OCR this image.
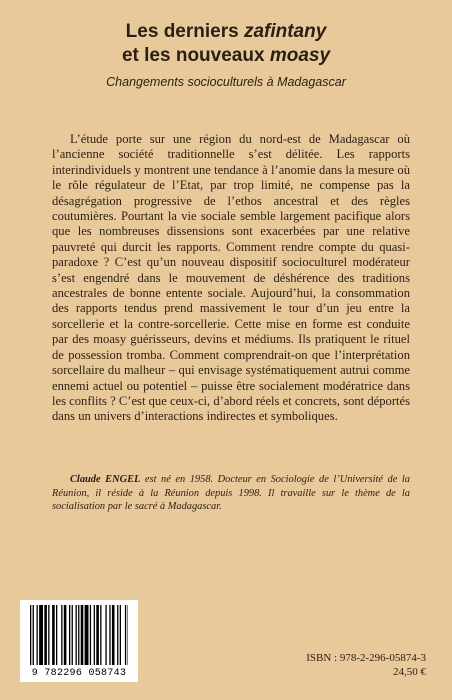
Les derniers zafintany
et les nouveaux moasy
Changements socioculturels à Madagascar

L’étude porte sur une région du nord-est de Madagascar où l’ancienne société traditionnelle s’est délitée. Les rapports interindividuels y montrent une tendance à l’anomie dans la mesure où le rôle régulateur de l’Etat, par trop limité, ne compense pas la désagrégation progressive de l’ethos ancestral et des règles coutumières. Pourtant la vie sociale semble largement pacifique alors que les nombreuses dissensions sont exacerbées par une relative pauvreté qui durcit les rapports. Comment rendre compte du quasi-paradoxe ? C’est qu’un nouveau dispositif socioculturel modérateur s’est engendré dans le mouvement de déshérence des traditions ancestrales de bonne entente sociale. Aujourd’hui, la consommation des rapports tendus prend massivement le tour d’un jeu entre la sorcellerie et la contre-sorcellerie. Cette mise en forme est conduite par des moasy guérisseurs, devins et médiums. Ils pratiquent le rituel de possession tromba. Comment comprendrait-on que l’interprétation sorcellaire du malheur – qui envisage systématiquement autrui comme ennemi actuel ou potentiel – puisse être socialement modératrice dans les conflits ? C’est que ceux-ci, d’abord réels et concrets, sont déportés dans un univers d’interactions indirectes et symboliques.

Claude ENGEL est né en 1958. Docteur en Sociologie de l’Université de la Réunion, il réside à la Réunion depuis 1998. Il travaille sur le thème de la socialisation par le sacré à Madagascar.

9 782296 058743
ISBN : 978-2-296-05874-3
24,50 €
